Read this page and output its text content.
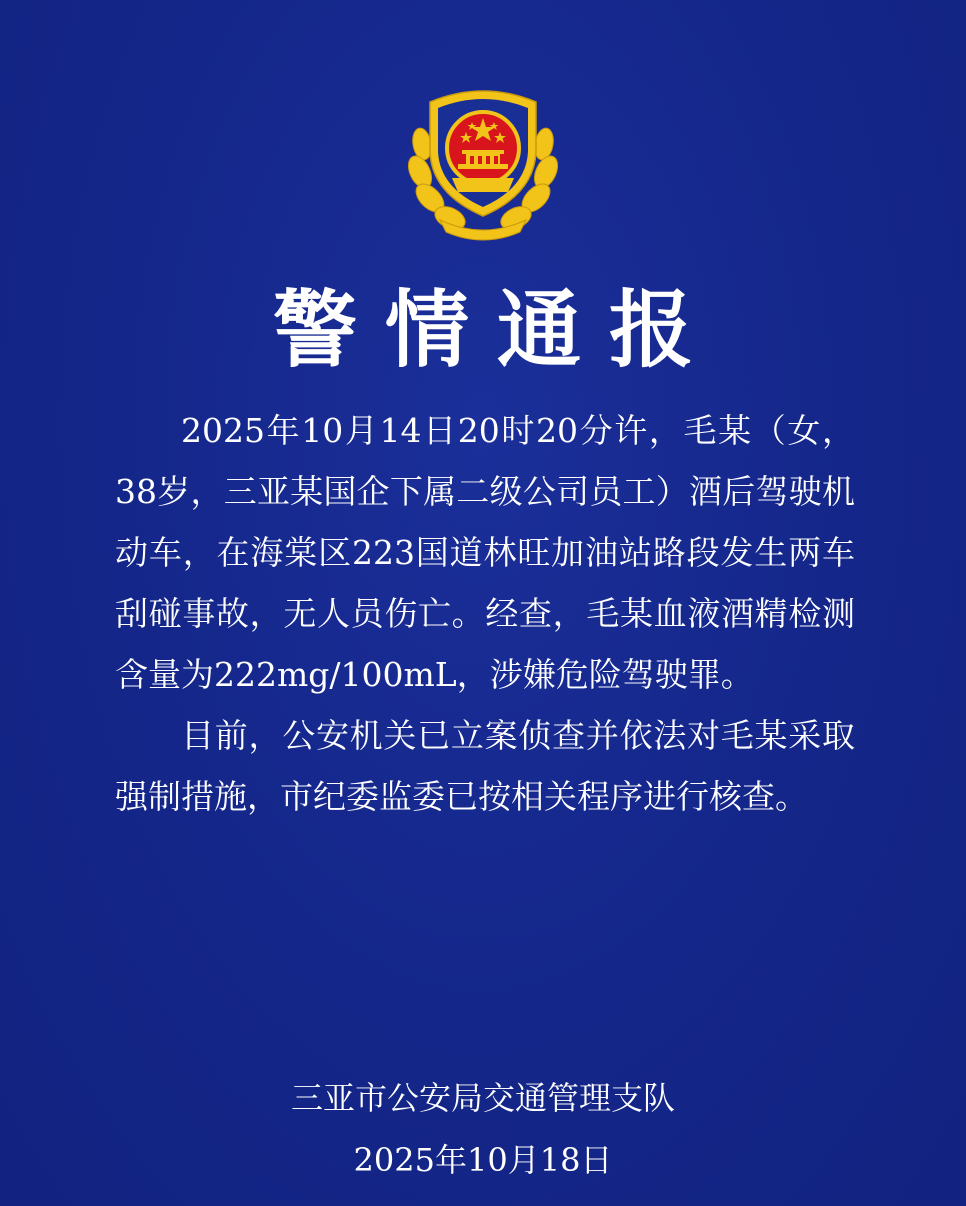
警情通报

2025年10月14日20时20分许，毛某（女，38岁，三亚某国企下属二级公司员工）酒后驾驶机动车，在海棠区223国道林旺加油站路段发生两车刮碰事故，无人员伤亡。经查，毛某血液酒精检测含量为222mg/100mL，涉嫌危险驾驶罪。

目前，公安机关已立案侦查并依法对毛某采取强制措施，市纪委监委已按相关程序进行核查。

三亚市公安局交通管理支队
2025年10月18日
